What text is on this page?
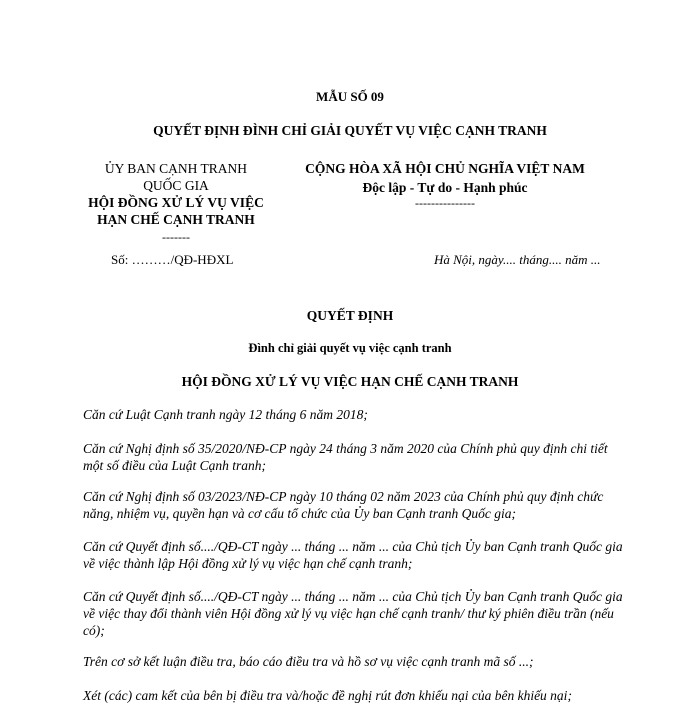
MẪU SỐ 09
QUYẾT ĐỊNH ĐÌNH CHỈ GIẢI QUYẾT VỤ VIỆC CẠNH TRANH
ỦY BAN CẠNH TRANH
QUỐC GIA
HỘI ĐỒNG XỬ LÝ VỤ VIỆC
HẠN CHẾ CẠNH TRANH
-------
CỘNG HÒA XÃ HỘI CHỦ NGHĨA VIỆT NAM
Độc lập - Tự do - Hạnh phúc
---------------
Số: ………/QĐ-HĐXL	Hà Nội, ngày.... tháng.... năm ...
QUYẾT ĐỊNH
Đình chỉ giải quyết vụ việc cạnh tranh
HỘI ĐỒNG XỬ LÝ VỤ VIỆC HẠN CHẾ CẠNH TRANH

Căn cứ Luật Cạnh tranh ngày 12 tháng 6 năm 2018;

Căn cứ Nghị định số 35/2020/NĐ-CP ngày 24 tháng 3 năm 2020 của Chính phủ quy định chi tiết một số điều của Luật Cạnh tranh;

Căn cứ Nghị định số 03/2023/NĐ-CP ngày 10 tháng 02 năm 2023 của Chính phủ quy định chức năng, nhiệm vụ, quyền hạn và cơ cấu tổ chức của Ủy ban Cạnh tranh Quốc gia;

Căn cứ Quyết định số..../QĐ-CT ngày ... tháng ... năm ... của Chủ tịch Ủy ban Cạnh tranh Quốc gia về việc thành lập Hội đồng xử lý vụ việc hạn chế cạnh tranh;

Căn cứ Quyết định số..../QĐ-CT ngày ... tháng ... năm ... của Chủ tịch Ủy ban Cạnh tranh Quốc gia về việc thay đổi thành viên Hội đồng xử lý vụ việc hạn chế cạnh tranh/ thư ký phiên điều trần (nếu có);

Trên cơ sở kết luận điều tra, báo cáo điều tra và hồ sơ vụ việc cạnh tranh mã số ...;

Xét (các) cam kết của bên bị điều tra và/hoặc đề nghị rút đơn khiếu nại của bên khiếu nại;
